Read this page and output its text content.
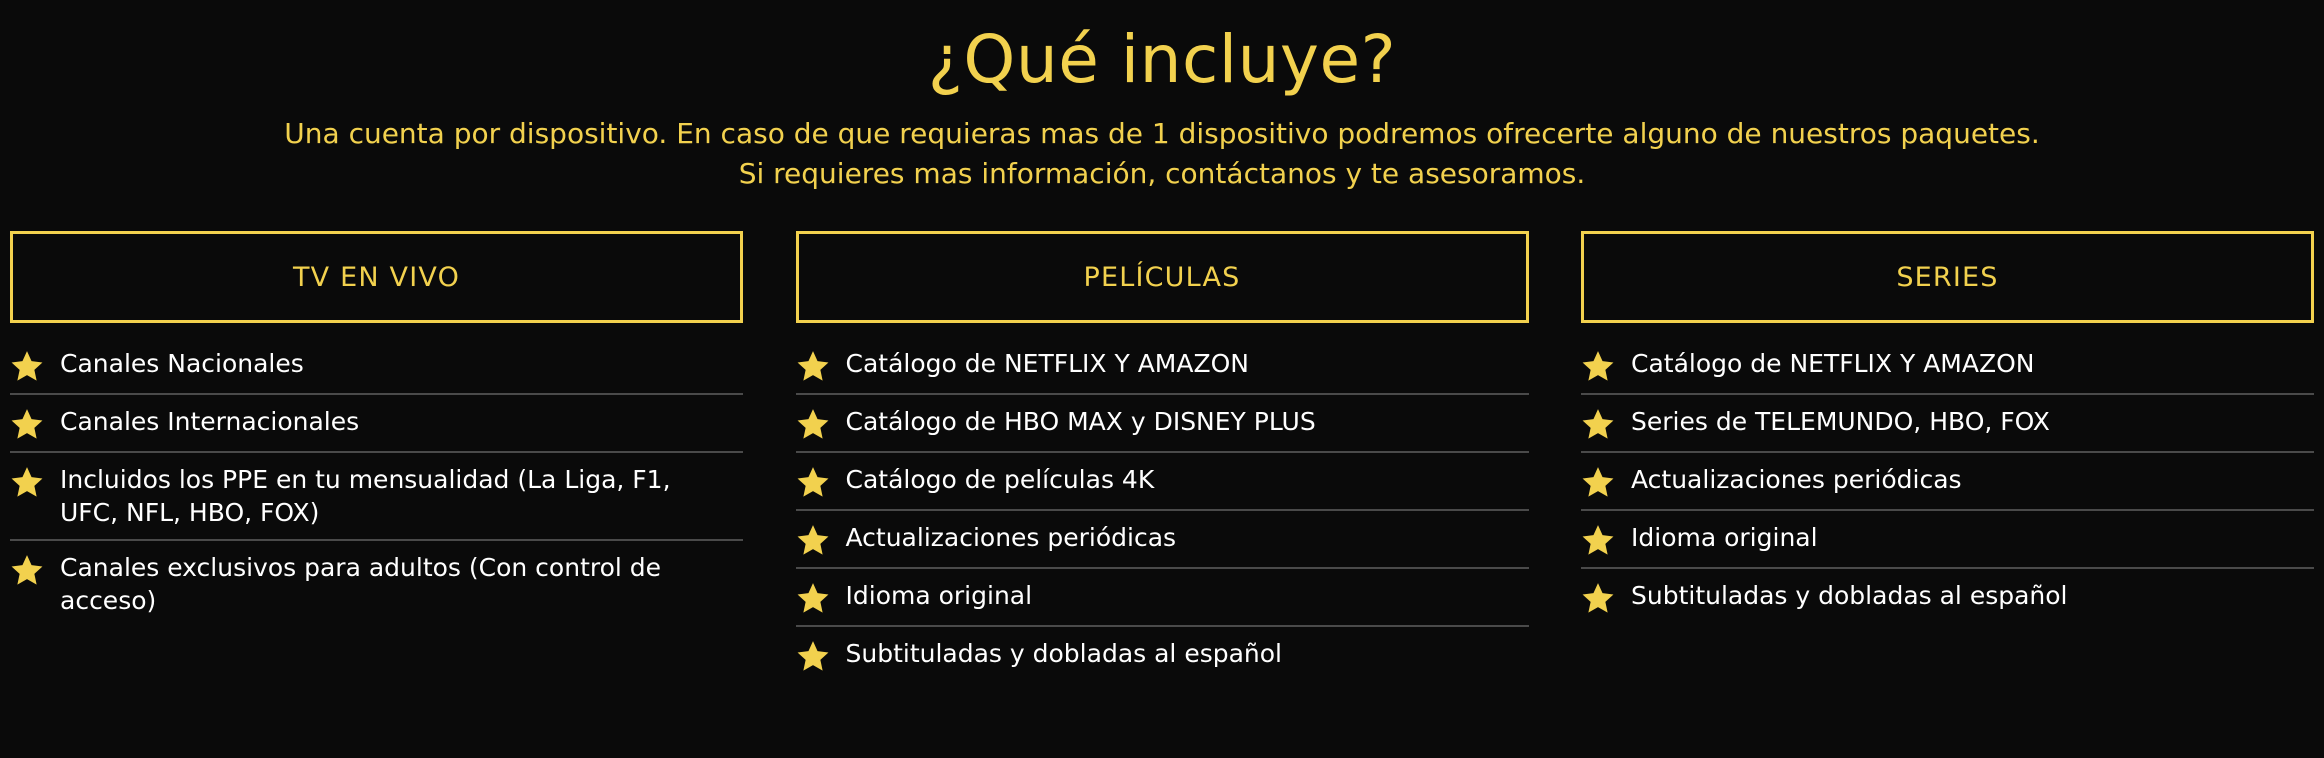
¿Qué incluye?
Una cuenta por dispositivo. En caso de que requieras mas de 1 dispositivo podremos ofrecerte alguno de nuestros paquetes.
Si requieres mas información, contáctanos y te asesoramos.
TV EN VIVO
Canales Nacionales
Canales Internacionales
Incluidos los PPE en tu mensualidad (La Liga, F1, UFC, NFL, HBO, FOX)
Canales exclusivos para adultos (Con control de acceso)
PELÍCULAS
Catálogo de NETFLIX Y AMAZON
Catálogo de HBO MAX y DISNEY PLUS
Catálogo de películas 4K
Actualizaciones periódicas
Idioma original
Subtituladas y dobladas al español
SERIES
Catálogo de NETFLIX Y AMAZON
Series de TELEMUNDO, HBO, FOX
Actualizaciones periódicas
Idioma original
Subtituladas y dobladas al español
